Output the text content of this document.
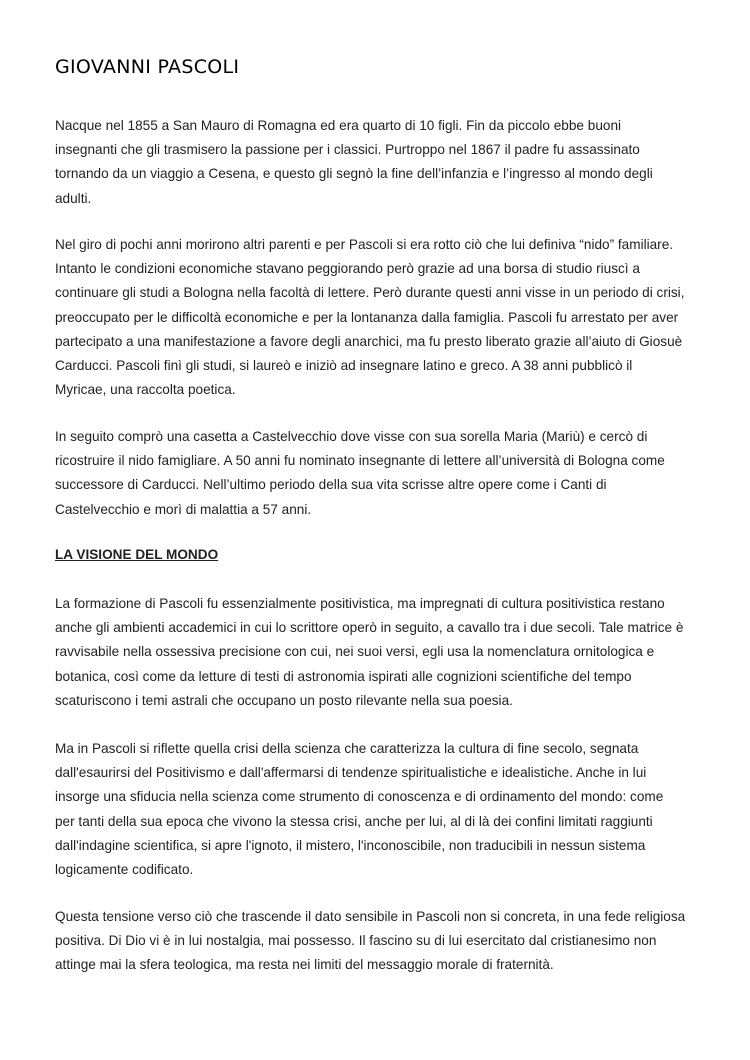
GIOVANNI PASCOLI

Nacque nel 1855 a San Mauro di Romagna ed era quarto di 10 figli. Fin da piccolo ebbe buoni
insegnanti che gli trasmisero la passione per i classici. Purtroppo nel 1867 il padre fu assassinato
tornando da un viaggio a Cesena, e questo gli segnò la fine dell’infanzia e l’ingresso al mondo degli
adulti.

Nel giro di pochi anni morirono altri parenti e per Pascoli si era rotto ciò che lui definiva “nido” familiare.
Intanto le condizioni economiche stavano peggiorando però grazie ad una borsa di studio riuscì a
continuare gli studi a Bologna nella facoltà di lettere. Però durante questi anni visse in un periodo di crisi,
preoccupato per le difficoltà economiche e per la lontananza dalla famiglia. Pascoli fu arrestato per aver
partecipato a una manifestazione a favore degli anarchici, ma fu presto liberato grazie all’aiuto di Giosuè
Carducci. Pascoli finì gli studi, si laureò e iniziò ad insegnare latino e greco. A 38 anni pubblicò il
Myricae, una raccolta poetica.

In seguito comprò una casetta a Castelvecchio dove visse con sua sorella Maria (Mariù) e cercò di
ricostruire il nido famigliare. A 50 anni fu nominato insegnante di lettere all’università di Bologna come
successore di Carducci. Nell’ultimo periodo della sua vita scrisse altre opere come i Canti di
Castelvecchio e morì di malattia a 57 anni.

LA VISIONE DEL MONDO

La formazione di Pascoli fu essenzialmente positivistica, ma impregnati di cultura positivistica restano
anche gli ambienti accademici in cui lo scrittore operò in seguito, a cavallo tra i due secoli. Tale matrice è
ravvisabile nella ossessiva precisione con cui, nei suoi versi, egli usa la nomenclatura ornitologica e
botanica, così come da letture di testi di astronomia ispirati alle cognizioni scientifiche del tempo
scaturiscono i temi astrali che occupano un posto rilevante nella sua poesia.

Ma in Pascoli si riflette quella crisi della scienza che caratterizza la cultura di fine secolo, segnata
dall'esaurirsi del Positivismo e dall'affermarsi di tendenze spiritualistiche e idealistiche. Anche in lui
insorge una sfiducia nella scienza come strumento di conoscenza e di ordinamento del mondo: come
per tanti della sua epoca che vivono la stessa crisi, anche per lui, al di là dei confini limitati raggiunti
dall'indagine scientifica, si apre l'ignoto, il mistero, l'inconoscibile, non traducibili in nessun sistema
logicamente codificato.

Questa tensione verso ciò che trascende il dato sensibile in Pascoli non si concreta, in una fede religiosa
positiva. Di Dio vi è in lui nostalgia, mai possesso. Il fascino su di lui esercitato dal cristianesimo non
attinge mai la sfera teologica, ma resta nei limiti del messaggio morale di fraternità.
